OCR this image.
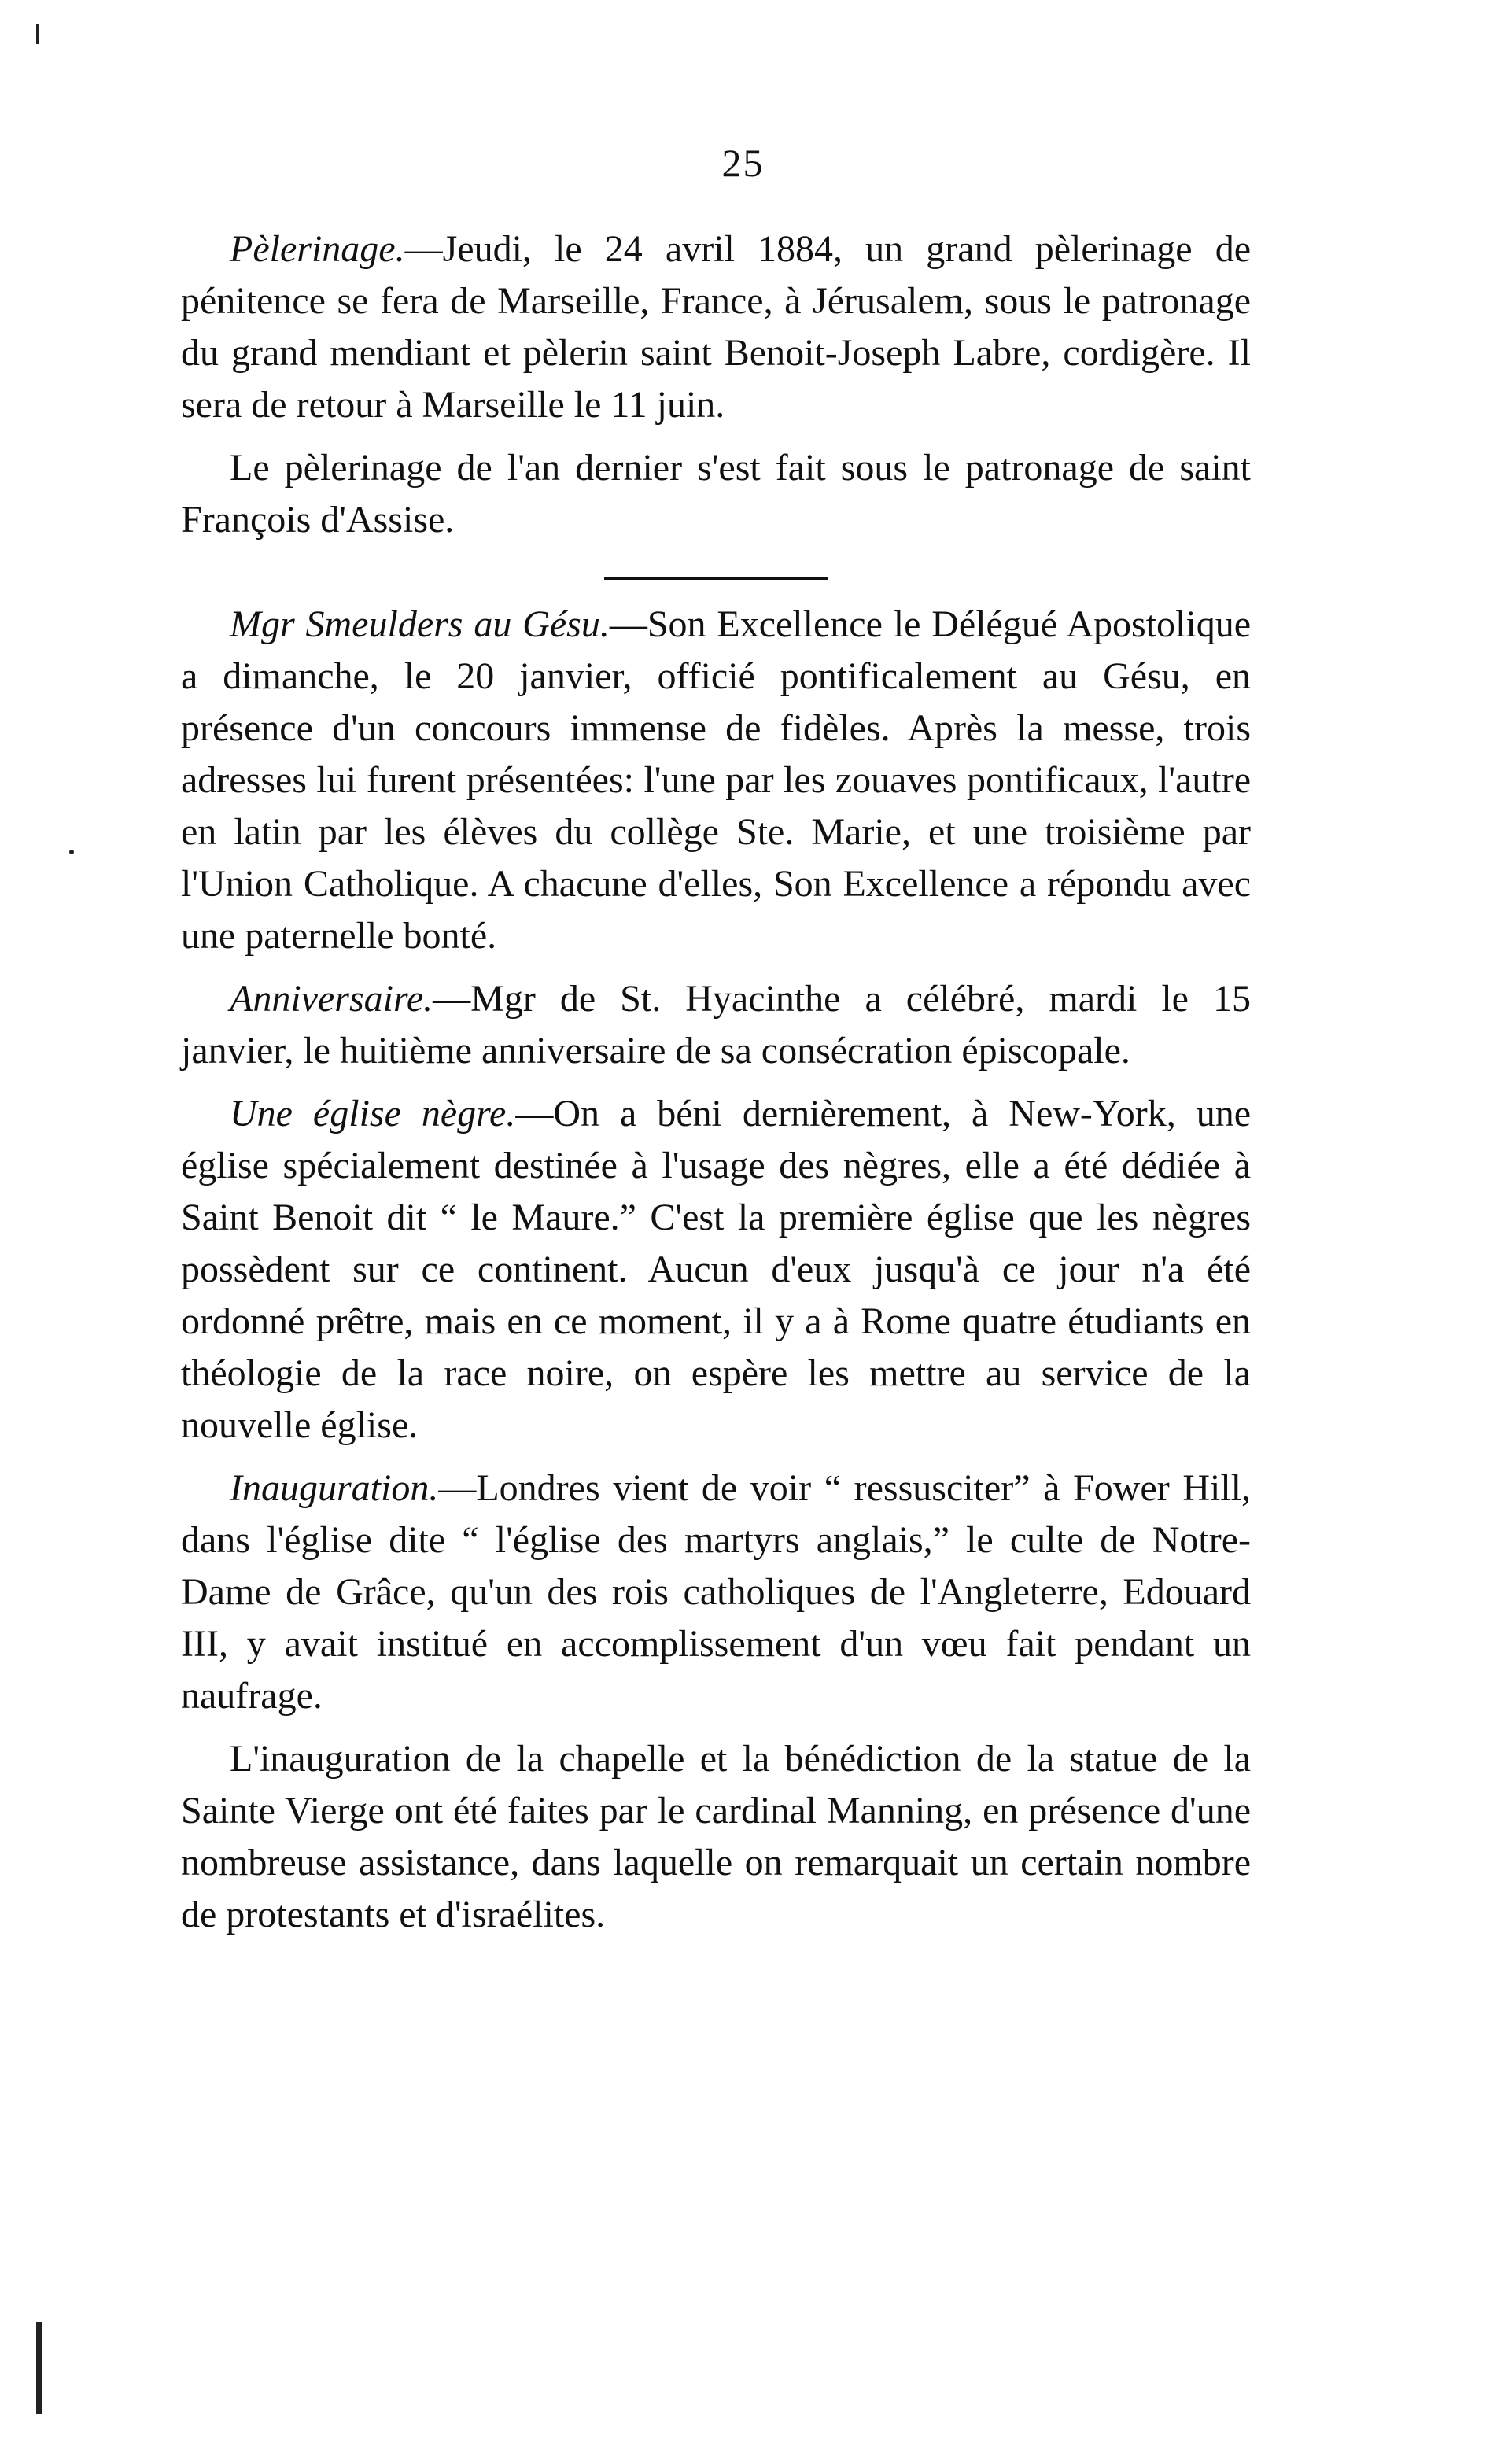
25

Pèlerinage.—Jeudi, le 24 avril 1884, un grand pèlerinage de pénitence se fera de Marseille, France, à Jérusalem, sous le patronage du grand mendiant et pèlerin saint Benoit-Joseph Labre, cordigère. Il sera de retour à Marseille le 11 juin.

Le pèlerinage de l'an dernier s'est fait sous le patronage de saint François d'Assise.

Mgr Smeulders au Gésu.—Son Excellence le Délégué Apostolique a dimanche, le 20 janvier, officié pontificalement au Gésu, en présence d'un concours immense de fidèles. Après la messe, trois adresses lui furent présentées: l'une par les zouaves pontificaux, l'autre en latin par les élèves du collège Ste. Marie, et une troisième par l'Union Catholique. A chacune d'elles, Son Excellence a répondu avec une paternelle bonté.

Anniversaire.—Mgr de St. Hyacinthe a célébré, mardi le 15 janvier, le huitième anniversaire de sa consécration épiscopale.

Une église nègre.—On a béni dernièrement, à New-York, une église spécialement destinée à l'usage des nègres, elle a été dédiée à Saint Benoit dit “ le Maure.” C'est la première église que les nègres possèdent sur ce continent. Aucun d'eux jusqu'à ce jour n'a été ordonné prêtre, mais en ce moment, il y a à Rome quatre étudiants en théologie de la race noire, on espère les mettre au service de la nouvelle église.

Inauguration.—Londres vient de voir “ ressusciter” à Fower Hill, dans l'église dite “ l'église des martyrs anglais,” le culte de Notre-Dame de Grâce, qu'un des rois catholiques de l'Angleterre, Edouard III, y avait institué en accomplissement d'un vœu fait pendant un naufrage.

L'inauguration de la chapelle et la bénédiction de la statue de la Sainte Vierge ont été faites par le cardinal Manning, en présence d'une nombreuse assistance, dans laquelle on remarquait un certain nombre de protestants et d'israélites.
